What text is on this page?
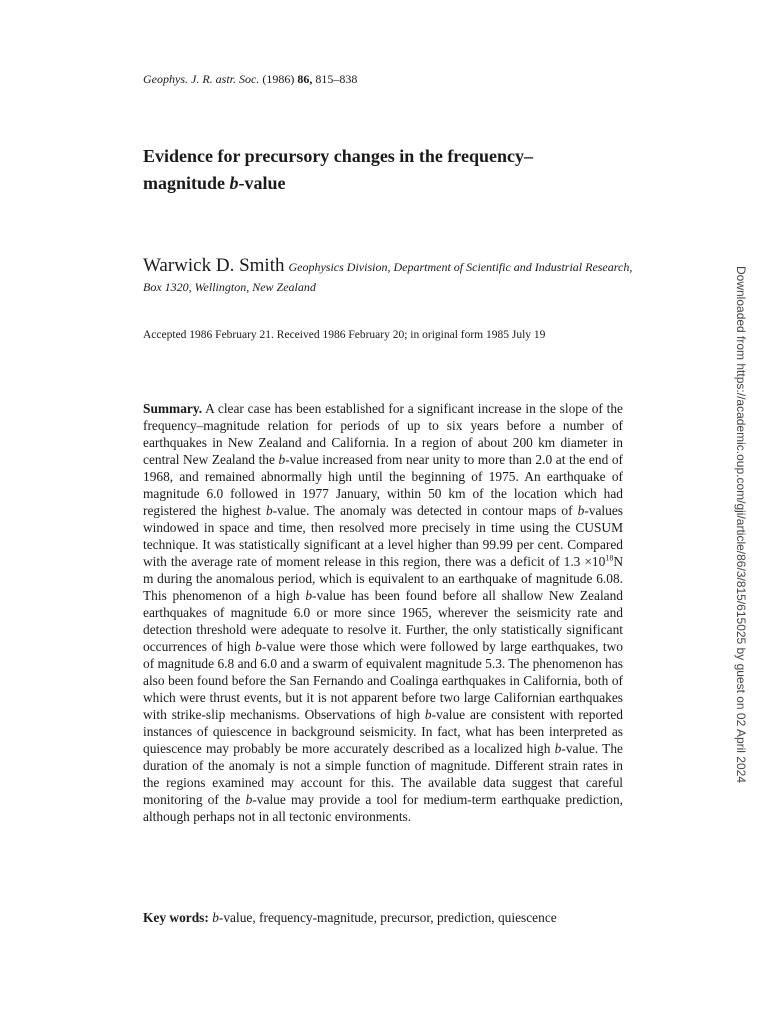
Geophys. J. R. astr. Soc. (1986) 86, 815–838
Evidence for precursory changes in the frequency–
magnitude b-value
Warwick D. Smith Geophysics Division, Department of Scientific and Industrial Research, Box 1320, Wellington, New Zealand
Accepted 1986 February 21. Received 1986 February 20; in original form 1985 July 19

Summary. A clear case has been established for a significant increase in the slope of the frequency–magnitude relation for periods of up to six years before a number of earthquakes in New Zealand and California. In a region of about 200 km diameter in central New Zealand the b-value increased from near unity to more than 2.0 at the end of 1968, and remained abnormally high until the beginning of 1975. An earthquake of magnitude 6.0 followed in 1977 January, within 50 km of the location which had registered the highest b-value. The anomaly was detected in contour maps of b-values windowed in space and time, then resolved more precisely in time using the CUSUM technique. It was statistically significant at a level higher than 99.99 per cent. Compared with the average rate of moment release in this region, there was a deficit of $1.3 \times 10^{18}N$ m during the anomalous period, which is equivalent to an earthquake of magnitude 6.08. This phenomenon of a high b-value has been found before all shallow New Zealand earthquakes of magnitude 6.0 or more since 1965, wherever the seismicity rate and detection threshold were adequate to resolve it. Further, the only statistically significant occurrences of high b-value were those which were followed by large earthquakes, two of magnitude 6.8 and 6.0 and a swarm of equivalent magnitude 5.3. The phenomenon has also been found before the San Fernando and Coalinga earthquakes in California, both of which were thrust events, but it is not apparent before two large Californian earthquakes with strike-slip mechanisms. Observations of high b-value are consistent with reported instances of quiescence in background seismicity. In fact, what has been interpreted as quiescence may probably be more accurately described as a localized high b-value. The duration of the anomaly is not a simple function of magnitude. Different strain rates in the regions examined may account for this. The available data suggest that careful monitoring of the b-value may provide a tool for medium-term earthquake prediction, although perhaps not in all tectonic environments.

Key words: b-value, frequency-magnitude, precursor, prediction, quiescence
Downloaded from https://academic.oup.com/gji/article/86/3/815/615025 by guest on 02 April 2024
